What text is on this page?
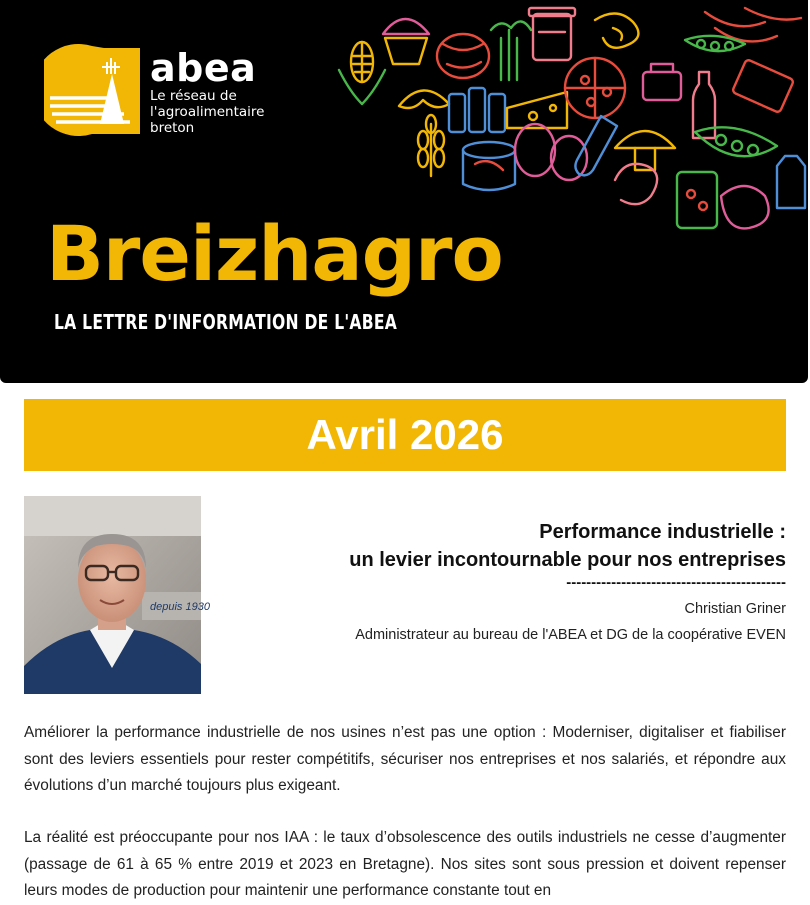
abea
Le réseau de l'agroalimentaire breton
Breizhagro
LA LETTRE D'INFORMATION DE L'ABEA
Avril 2026
depuis 1930
Performance industrielle :
un levier incontournable pour nos entreprises
--------------------------------------------
Christian Griner
Administrateur au bureau de l'ABEA et DG de la coopérative EVEN

Améliorer la performance industrielle de nos usines n’est pas une option : Moderniser, digitaliser et fiabiliser sont des leviers essentiels pour rester compétitifs, sécuriser nos entreprises et nos salariés, et répondre aux évolutions d’un marché toujours plus exigeant.

La réalité est préoccupante pour nos IAA : le taux d’obsolescence des outils industriels ne cesse d’augmenter (passage de 61 à 65 % entre 2019 et 2023 en Bretagne). Nos sites sont sous pression et doivent repenser leurs modes de production pour maintenir une performance constante tout en
